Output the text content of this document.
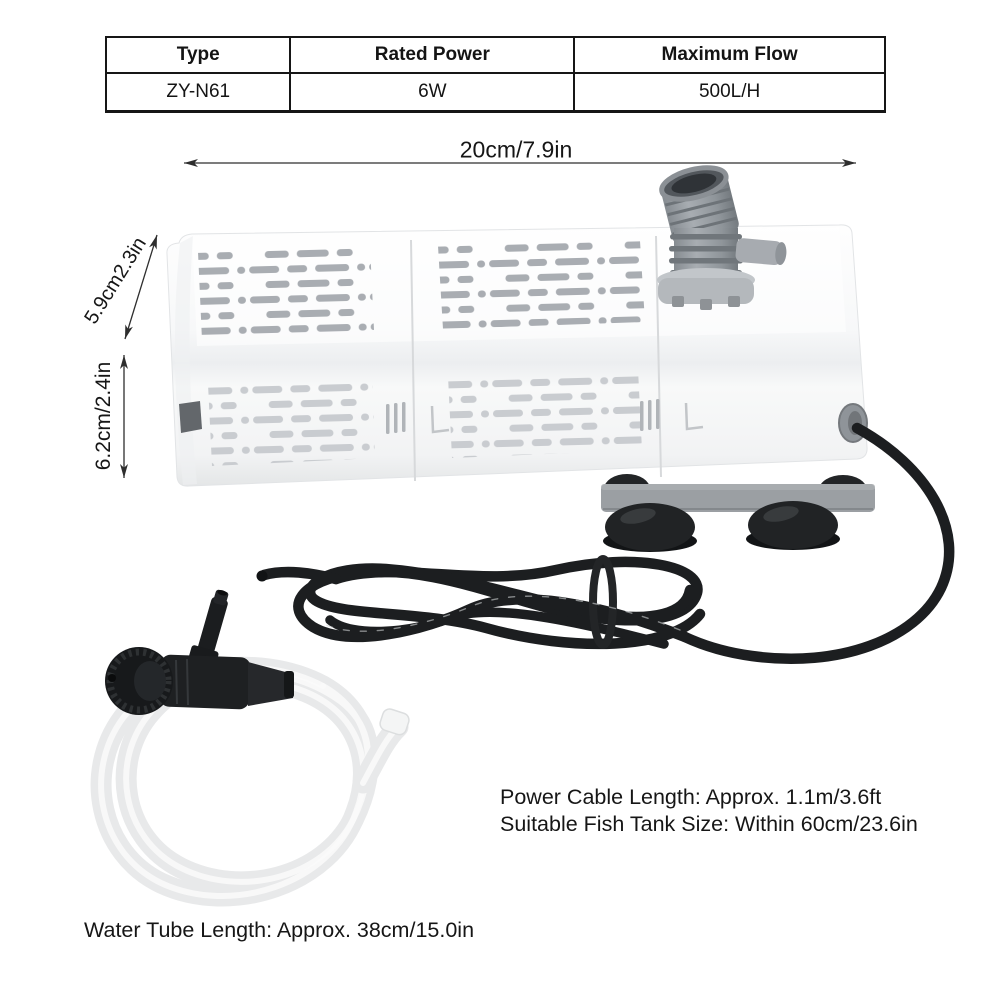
Type	Rated Power	Maximum Flow
ZY-N61	6W	500L/H
20cm/7.9in
5.9cm2.3in
6.2cm/2.4in
Power Cable Length: Approx. 1.1m/3.6ft
Suitable Fish Tank Size: Within 60cm/23.6in
Water Tube Length: Approx. 38cm/15.0in
